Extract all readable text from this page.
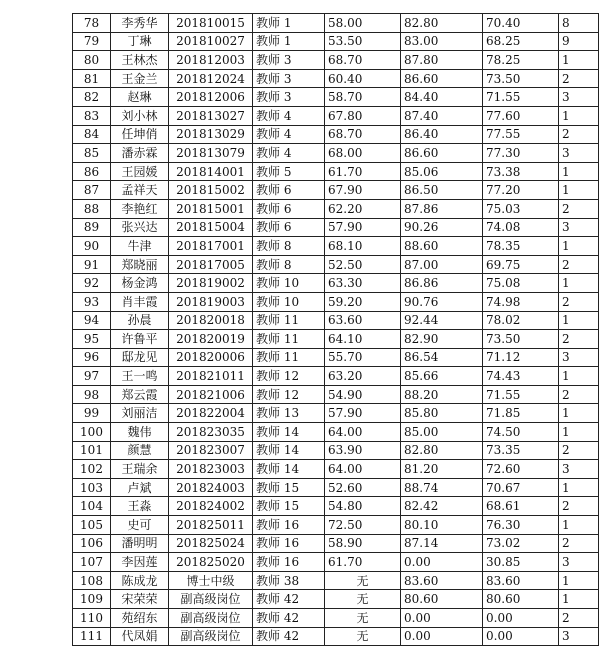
78	李秀华	201810015	教师 1	58.00	82.80	70.40	8
79	丁琳	201810027	教师 1	53.50	83.00	68.25	9
80	王林杰	201812003	教师 3	68.70	87.80	78.25	1
81	王金兰	201812024	教师 3	60.40	86.60	73.50	2
82	赵琳	201812006	教师 3	58.70	84.40	71.55	3
83	刘小林	201813027	教师 4	67.80	87.40	77.60	1
84	任坤俏	201813029	教师 4	68.70	86.40	77.55	2
85	潘赤霖	201813079	教师 4	68.00	86.60	77.30	3
86	王园媛	201814001	教师 5	61.70	85.06	73.38	1
87	孟祥天	201815002	教师 6	67.90	86.50	77.20	1
88	李艳红	201815001	教师 6	62.20	87.86	75.03	2
89	张兴达	201815004	教师 6	57.90	90.26	74.08	3
90	牛津	201817001	教师 8	68.10	88.60	78.35	1
91	郑晓丽	201817005	教师 8	52.50	87.00	69.75	2
92	杨金鸿	201819002	教师 10	63.30	86.86	75.08	1
93	肖丰霞	201819003	教师 10	59.20	90.76	74.98	2
94	孙晨	201820018	教师 11	63.60	92.44	78.02	1
95	许鲁平	201820019	教师 11	64.10	82.90	73.50	2
96	邸龙见	201820006	教师 11	55.70	86.54	71.12	3
97	王一鸣	201821011	教师 12	63.20	85.66	74.43	1
98	郑云霞	201821006	教师 12	54.90	88.20	71.55	2
99	刘丽洁	201822004	教师 13	57.90	85.80	71.85	1
100	魏伟	201823035	教师 14	64.00	85.00	74.50	1
101	颜慧	201823007	教师 14	63.90	82.80	73.35	2
102	王瑞余	201823003	教师 14	64.00	81.20	72.60	3
103	卢斌	201824003	教师 15	52.60	88.74	70.67	1
104	王淼	201824002	教师 15	54.80	82.42	68.61	2
105	史可	201825011	教师 16	72.50	80.10	76.30	1
106	潘明明	201825024	教师 16	58.90	87.14	73.02	2
107	李因莲	201825020	教师 16	61.70	0.00	30.85	3
108	陈成龙	博士中级	教师 38	无	83.60	83.60	1
109	宋荣荣	副高级岗位	教师 42	无	80.60	80.60	1
110	苑绍东	副高级岗位	教师 42	无	0.00	0.00	2
111	代凤娟	副高级岗位	教师 42	无	0.00	0.00	3
